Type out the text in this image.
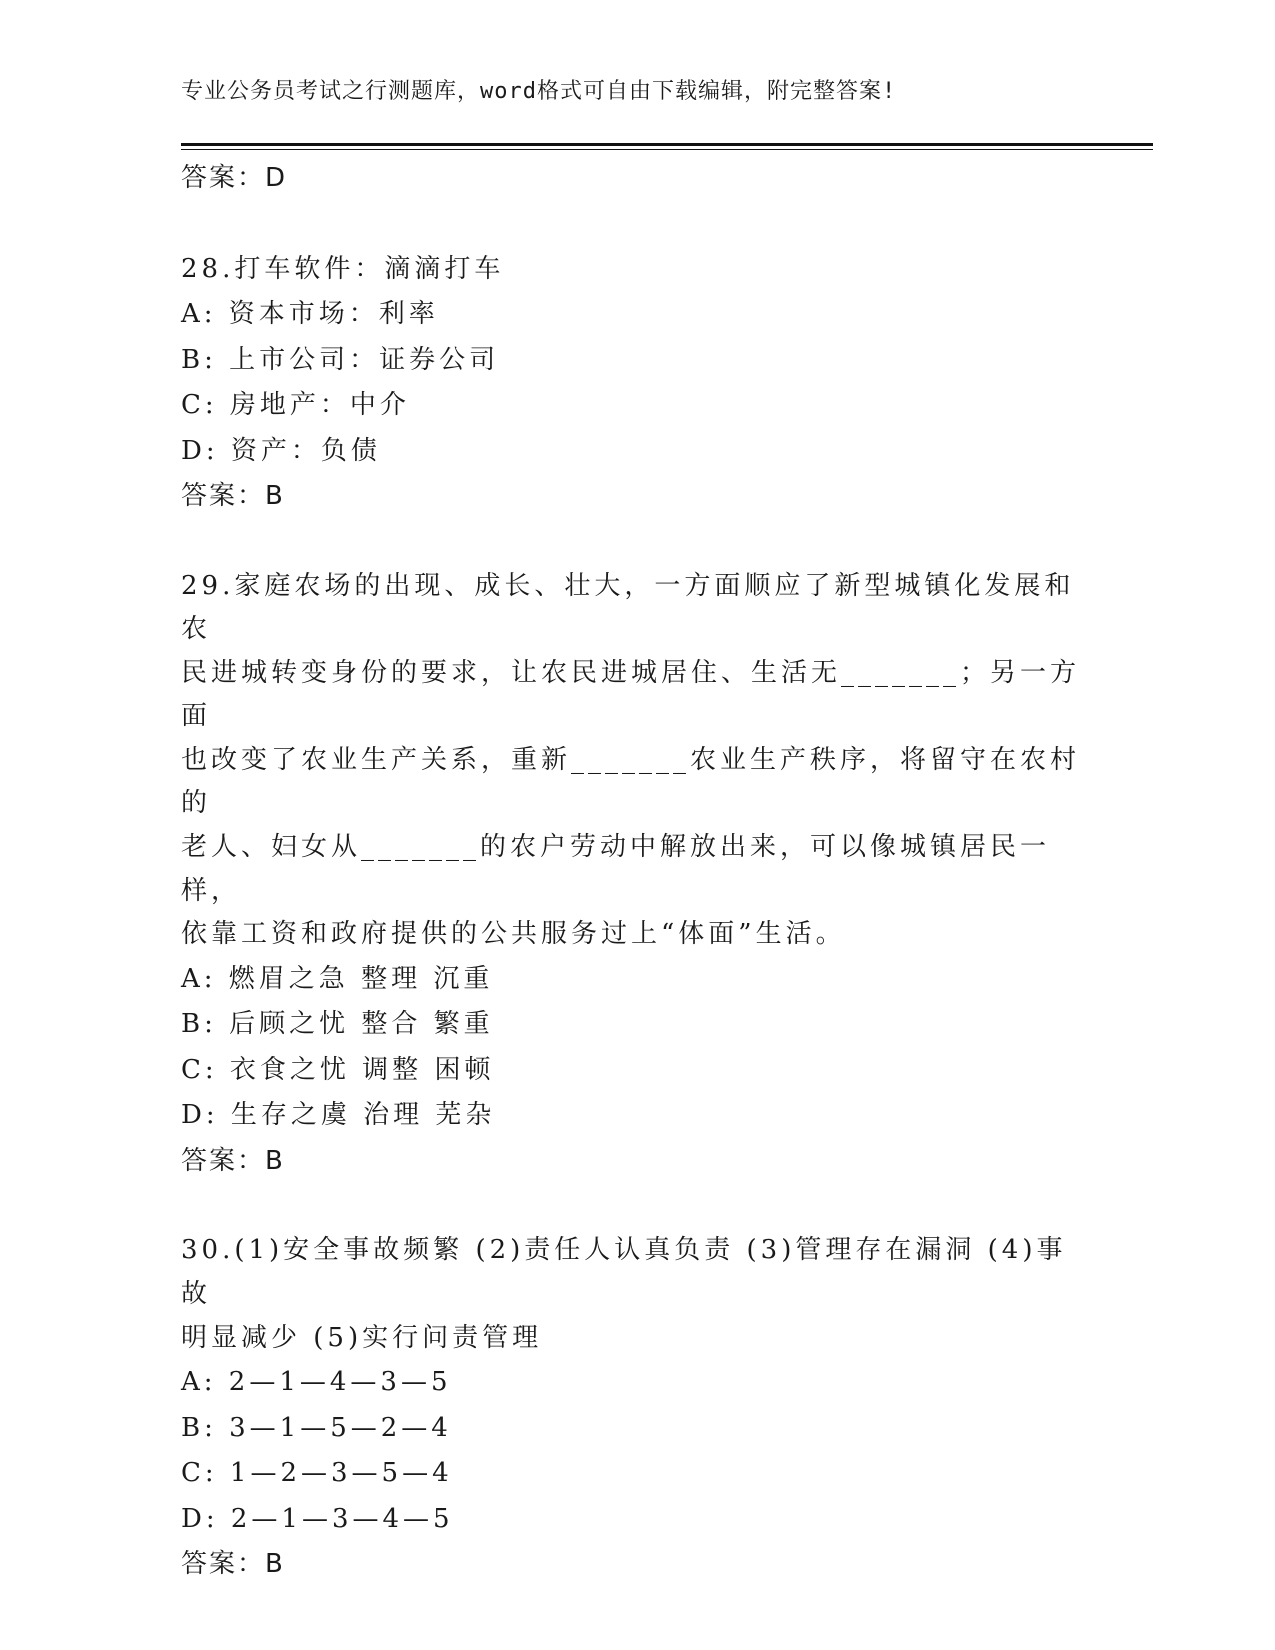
专业公务员考试之行测题库，word格式可自由下载编辑，附完整答案!
答案：D
28.打车软件：滴滴打车
A: 资本市场：利率
B: 上市公司：证券公司
C: 房地产：中介
D: 资产：负债
答案：B
29.家庭农场的出现、成长、壮大，一方面顺应了新型城镇化发展和农
民进城转变身份的要求，让农民进城居住、生活无_______；另一方面
也改变了农业生产关系，重新_______农业生产秩序，将留守在农村的
老人、妇女从_______的农户劳动中解放出来，可以像城镇居民一样，
依靠工资和政府提供的公共服务过上“体面”生活。
A: 燃眉之急 整理 沉重
B: 后顾之忧 整合 繁重
C: 衣食之忧 调整 困顿
D: 生存之虞 治理 芜杂
答案：B
30.(1)安全事故频繁 (2)责任人认真负责 (3)管理存在漏洞 (4)事故
明显减少 (5)实行问责管理
A: 2—1—4—3—5
B: 3—1—5—2—4
C: 1—2—3—5—4
D: 2—1—3—4—5
答案：B
